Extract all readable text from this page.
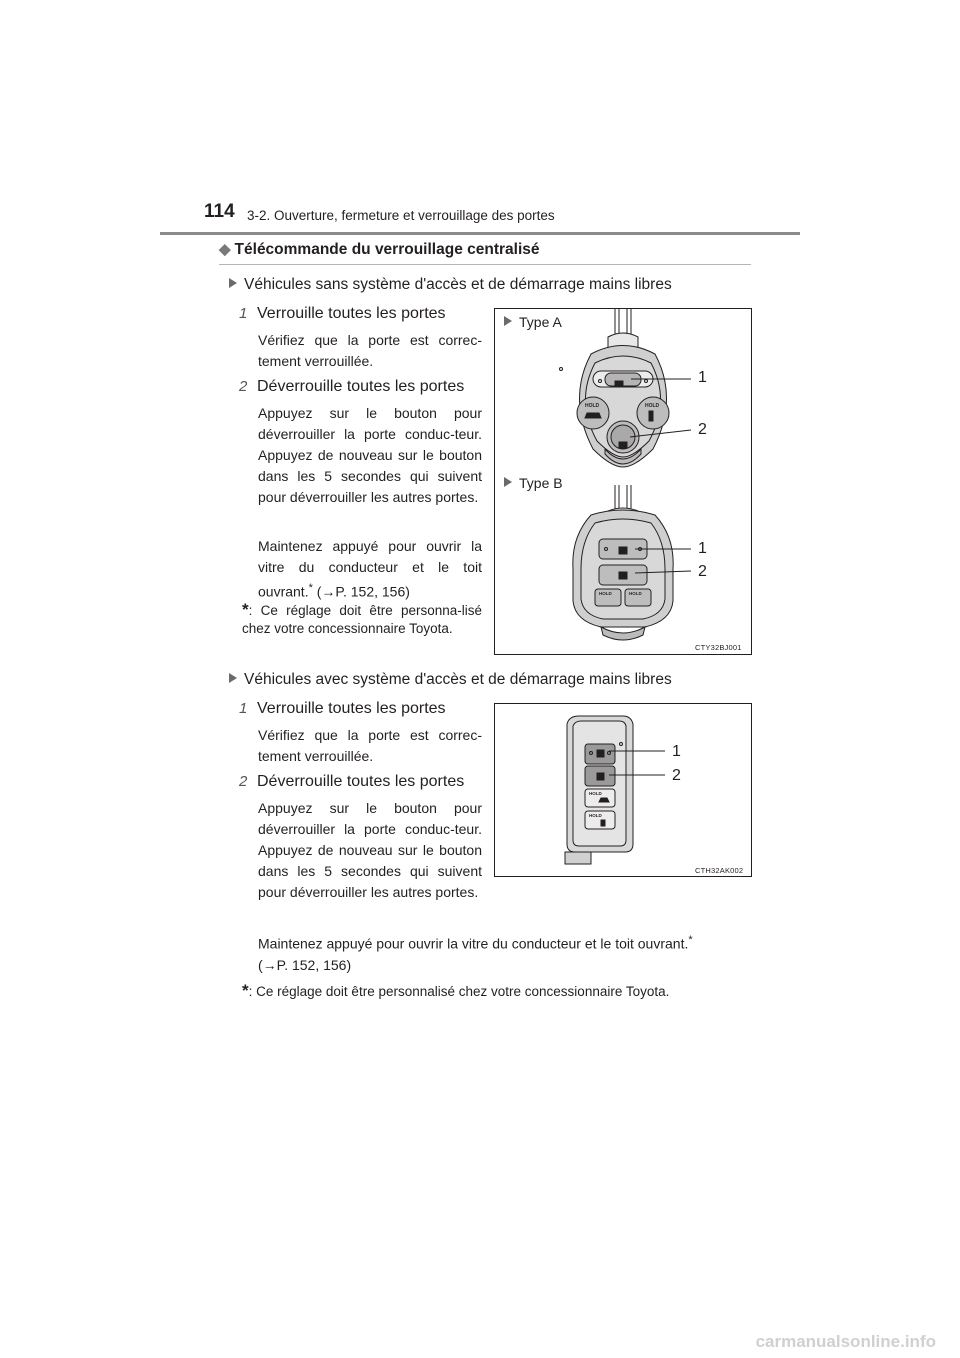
114 3-2. Ouverture, fermeture et verrouillage des portes
◆ Télécommande du verrouillage centralisé
Véhicules sans système d'accès et de démarrage mains libres
1 Verrouille toutes les portes
Vérifiez que la porte est correc-tement verrouillée.
2 Déverrouille toutes les portes
Appuyez sur le bouton pour déverrouiller la porte conduc-teur. Appuyez de nouveau sur le bouton dans les 5 secondes qui suivent pour déverrouiller les autres portes.
Maintenez appuyé pour ouvrir la vitre du conducteur et le toit ouvrant.* (→P. 152, 156)
*: Ce réglage doit être personna-lisé chez votre concessionnaire Toyota.
HOLD	HOLD
HOLD	HOLD
Type A
Type B
1
2
1
2
CTY32BJ001
Véhicules avec système d'accès et de démarrage mains libres
1 Verrouille toutes les portes
Vérifiez que la porte est correc-tement verrouillée.
2 Déverrouille toutes les portes
Appuyez sur le bouton pour déverrouiller la porte conduc-teur. Appuyez de nouveau sur le bouton dans les 5 secondes qui suivent pour déverrouiller les autres portes.
Maintenez appuyé pour ouvrir la vitre du conducteur et le toit ouvrant.*
(→P. 152, 156)
*: Ce réglage doit être personnalisé chez votre concessionnaire Toyota.
HOLD
HOLD
1
2
CTH32AK002
carmanualsonline.info
